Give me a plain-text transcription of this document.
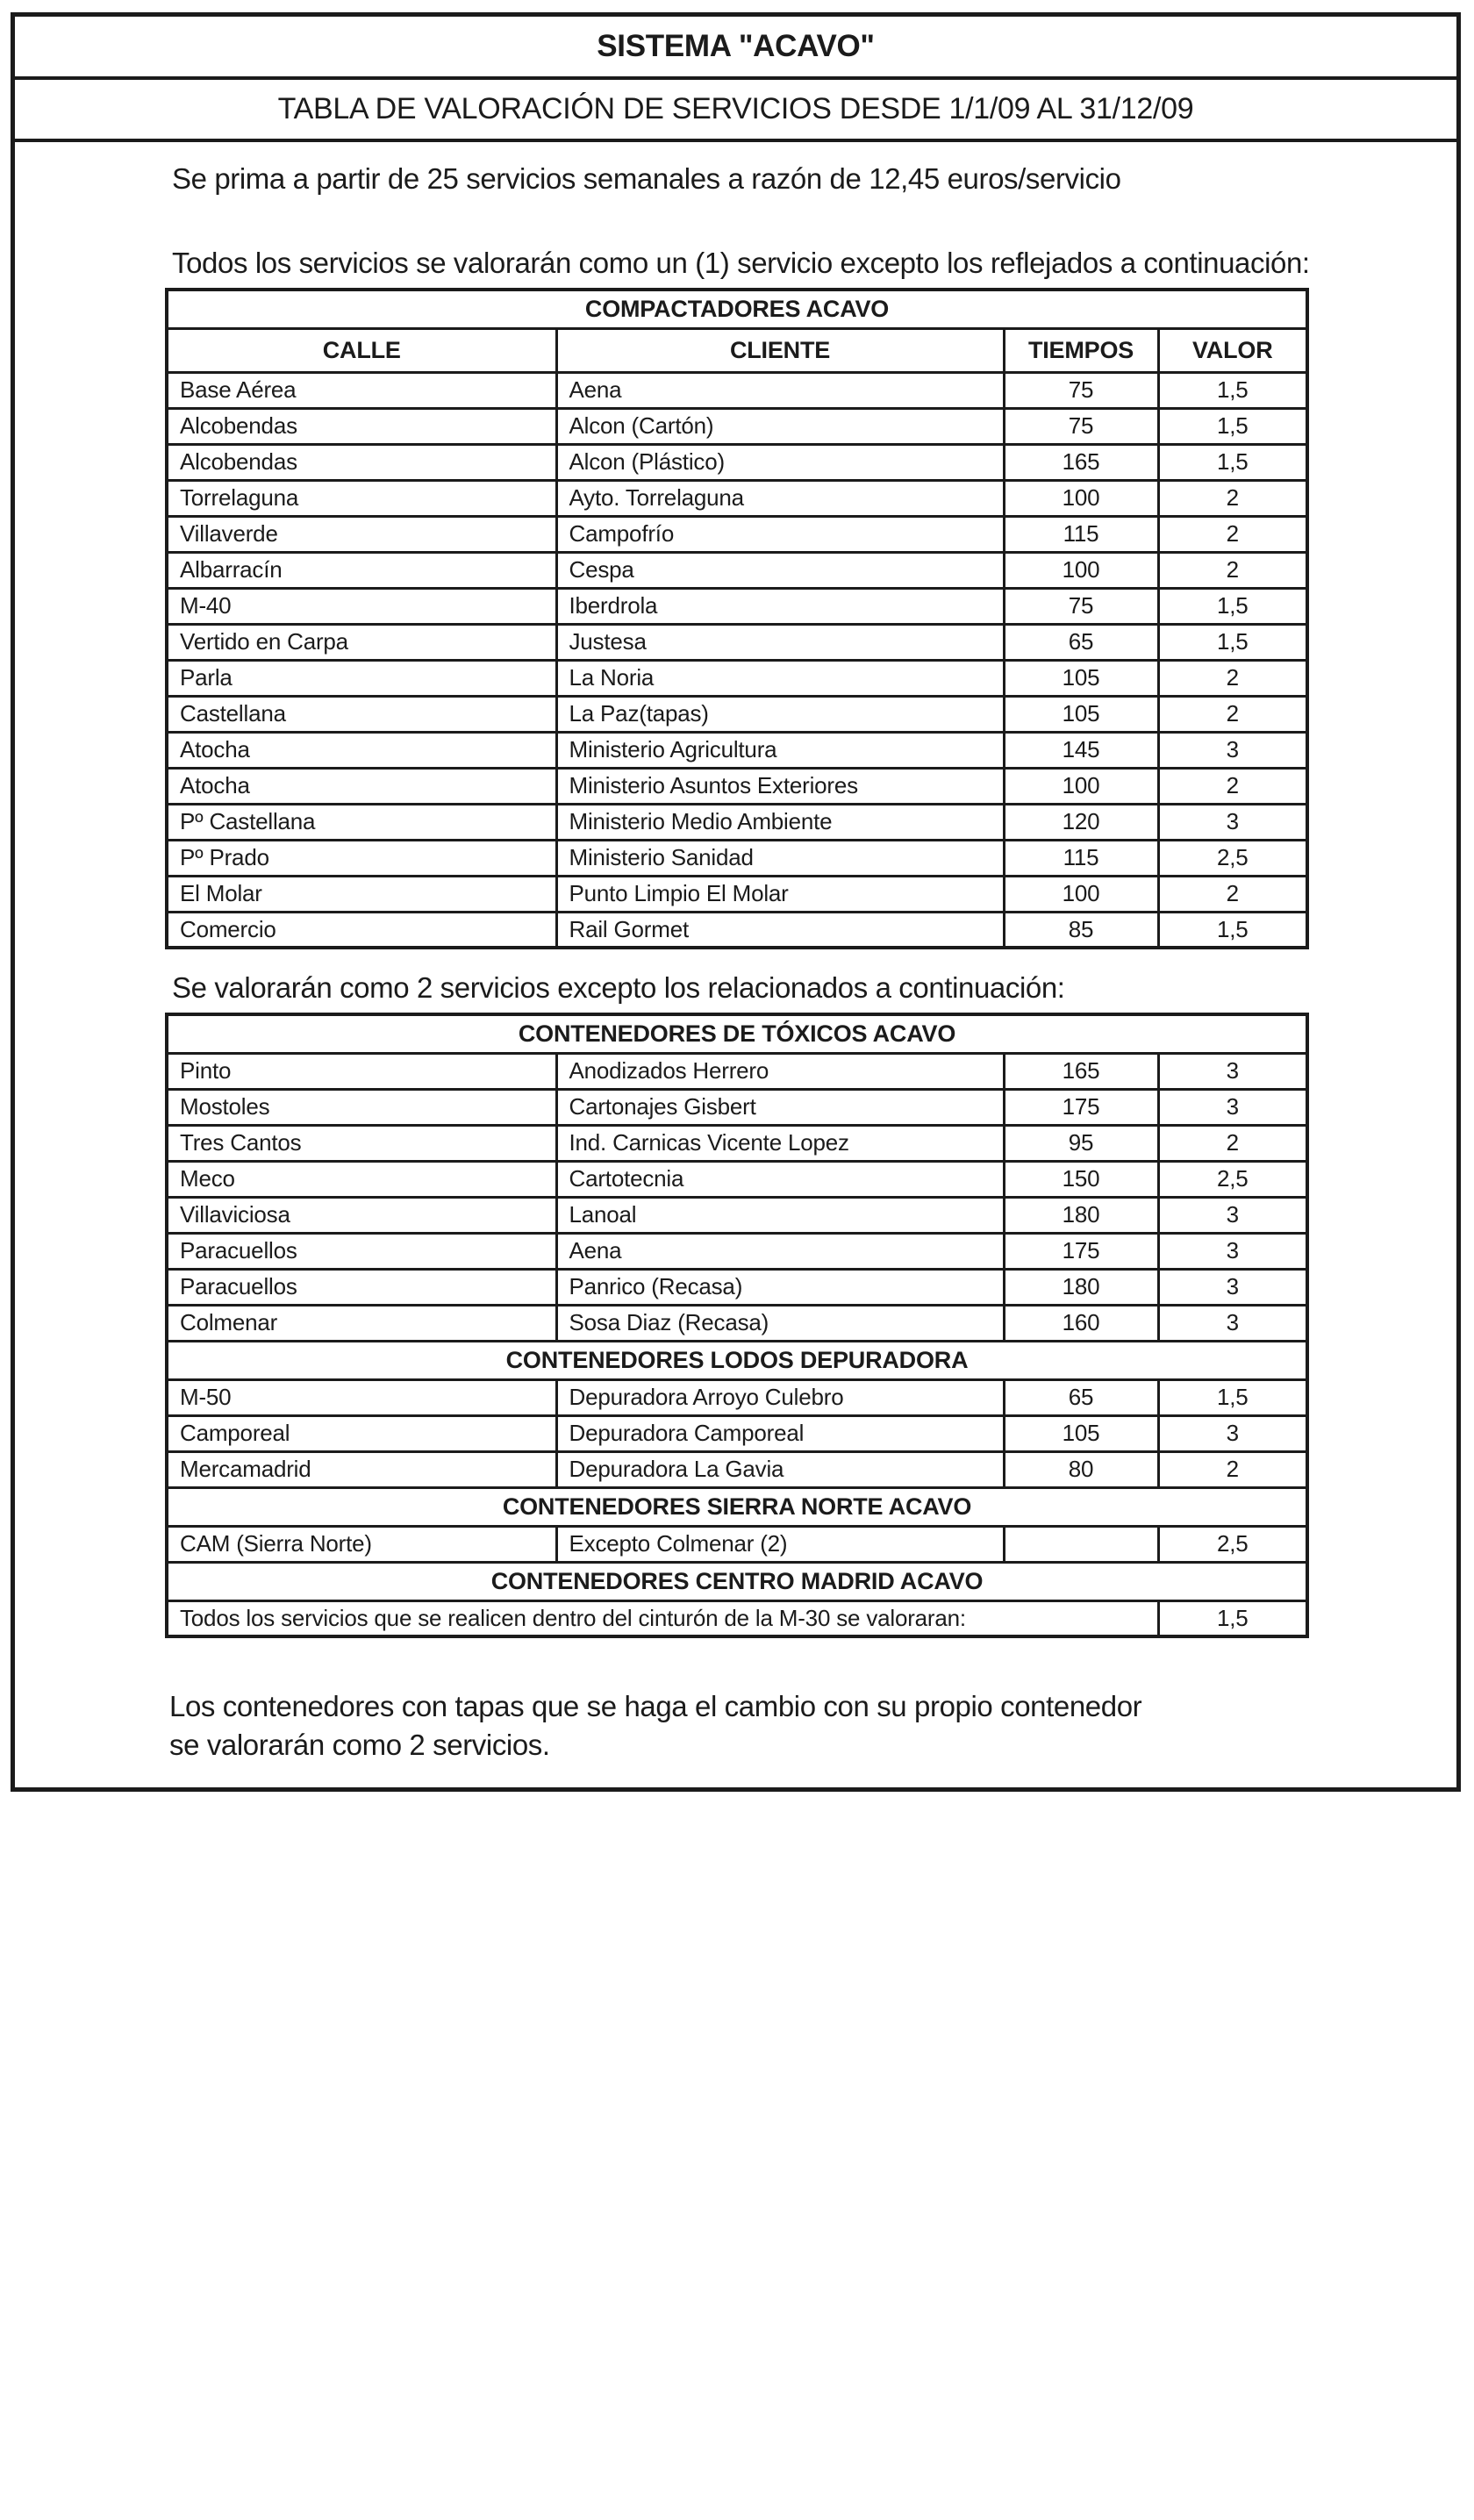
SISTEMA "ACAVO"
TABLA DE VALORACIÓN DE SERVICIOS DESDE 1/1/09 AL 31/12/09

Se prima a partir de 25 servicios semanales a razón de 12,45 euros/servicio

Todos los servicios se valorarán como un (1) servicio excepto los reflejados a continuación:

COMPACTADORES ACAVO			
CALLE	CLIENTE	TIEMPOS	VALOR
Base Aérea	Aena	75	1,5
Alcobendas	Alcon (Cartón)	75	1,5
Alcobendas	Alcon (Plástico)	165	1,5
Torrelaguna	Ayto. Torrelaguna	100	2
Villaverde	Campofrío	115	2
Albarracín	Cespa	100	2
M-40	Iberdrola	75	1,5
Vertido en Carpa	Justesa	65	1,5
Parla	La Noria	105	2
Castellana	La Paz(tapas)	105	2
Atocha	Ministerio Agricultura	145	3
Atocha	Ministerio Asuntos Exteriores	100	2
Pº Castellana	Ministerio Medio Ambiente	120	3
Pº Prado	Ministerio Sanidad	115	2,5
El Molar	Punto Limpio El Molar	100	2
Comercio	Rail Gormet	85	1,5

Se valorarán como 2 servicios excepto los relacionados a continuación:

CONTENEDORES DE TÓXICOS ACAVO			
Pinto	Anodizados Herrero	165	3
Mostoles	Cartonajes Gisbert	175	3
Tres Cantos	Ind. Carnicas Vicente Lopez	95	2
Meco	Cartotecnia	150	2,5
Villaviciosa	Lanoal	180	3
Paracuellos	Aena	175	3
Paracuellos	Panrico (Recasa)	180	3
Colmenar	Sosa Diaz (Recasa)	160	3
CONTENEDORES LODOS DEPURADORA			
M-50	Depuradora Arroyo Culebro	65	1,5
Camporeal	Depuradora Camporeal	105	3
Mercamadrid	Depuradora La Gavia	80	2
CONTENEDORES SIERRA NORTE ACAVO			
CAM (Sierra Norte)	Excepto Colmenar (2)		2,5
CONTENEDORES CENTRO MADRID ACAVO			
Todos los servicios que se realicen dentro del cinturón de la M-30 se valoraran:			1,5

Los contenedores con tapas que se haga el cambio con su propio contenedor
se valorarán como 2 servicios.
